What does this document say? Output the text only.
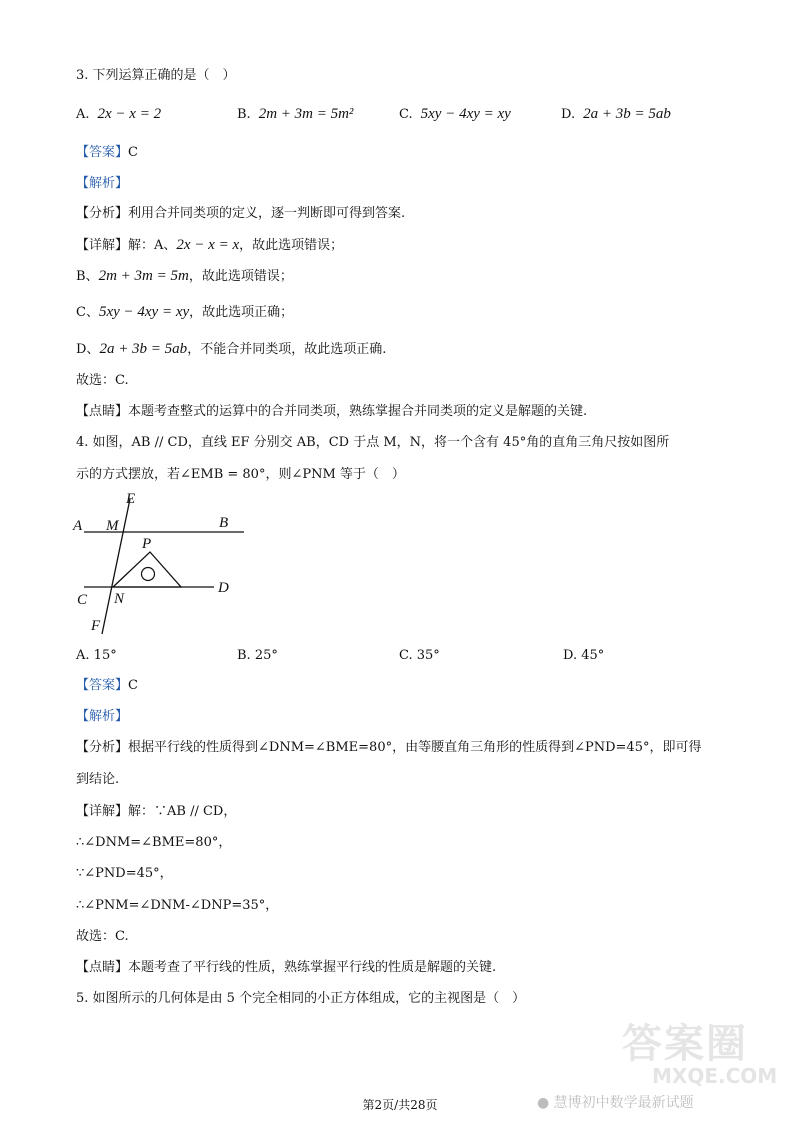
3. 下列运算正确的是（　）
A. 2x − x = 2	B. 2m + 3m = 5m²	C. 5xy − 4xy = xy	D. 2a + 3b = 5ab
【答案】C
【解析】
【分析】利用合并同类项的定义，逐一判断即可得到答案.
【详解】解：A、2x − x = x，故此选项错误；
B、2m + 3m = 5m，故此选项错误；
C、5xy − 4xy = xy，故此选项正确；
D、2a + 3b = 5ab，不能合并同类项，故此选项正确.
故选：C.
【点睛】本题考查整式的运算中的合并同类项，熟练掌握合并同类项的定义是解题的关键.
4. 如图，AB // CD，直线 EF 分别交 AB，CD 于点 M，N，将一个含有 45°角的直角三角尺按如图所
示的方式摆放，若∠EMB = 80°，则∠PNM 等于（　）
A M
E
B
P
C N
D
F
A. 15°	B. 25°	C. 35°	D. 45°
【答案】C
【解析】
【分析】根据平行线的性质得到∠DNM=∠BME=80°，由等腰直角三角形的性质得到∠PND=45°，即可得
到结论.
【详解】解：∵AB // CD，
∴∠DNM=∠BME=80°，
∵∠PND=45°，
∴∠PNM=∠DNM-∠DNP=35°，
故选：C.
【点睛】本题考查了平行线的性质，熟练掌握平行线的性质是解题的关键.
5. 如图所示的几何体是由 5 个完全相同的小正方体组成，它的主视图是（　）
答案圈
MXQE.COM
● 慧博初中数学最新试题
第2页/共28页
